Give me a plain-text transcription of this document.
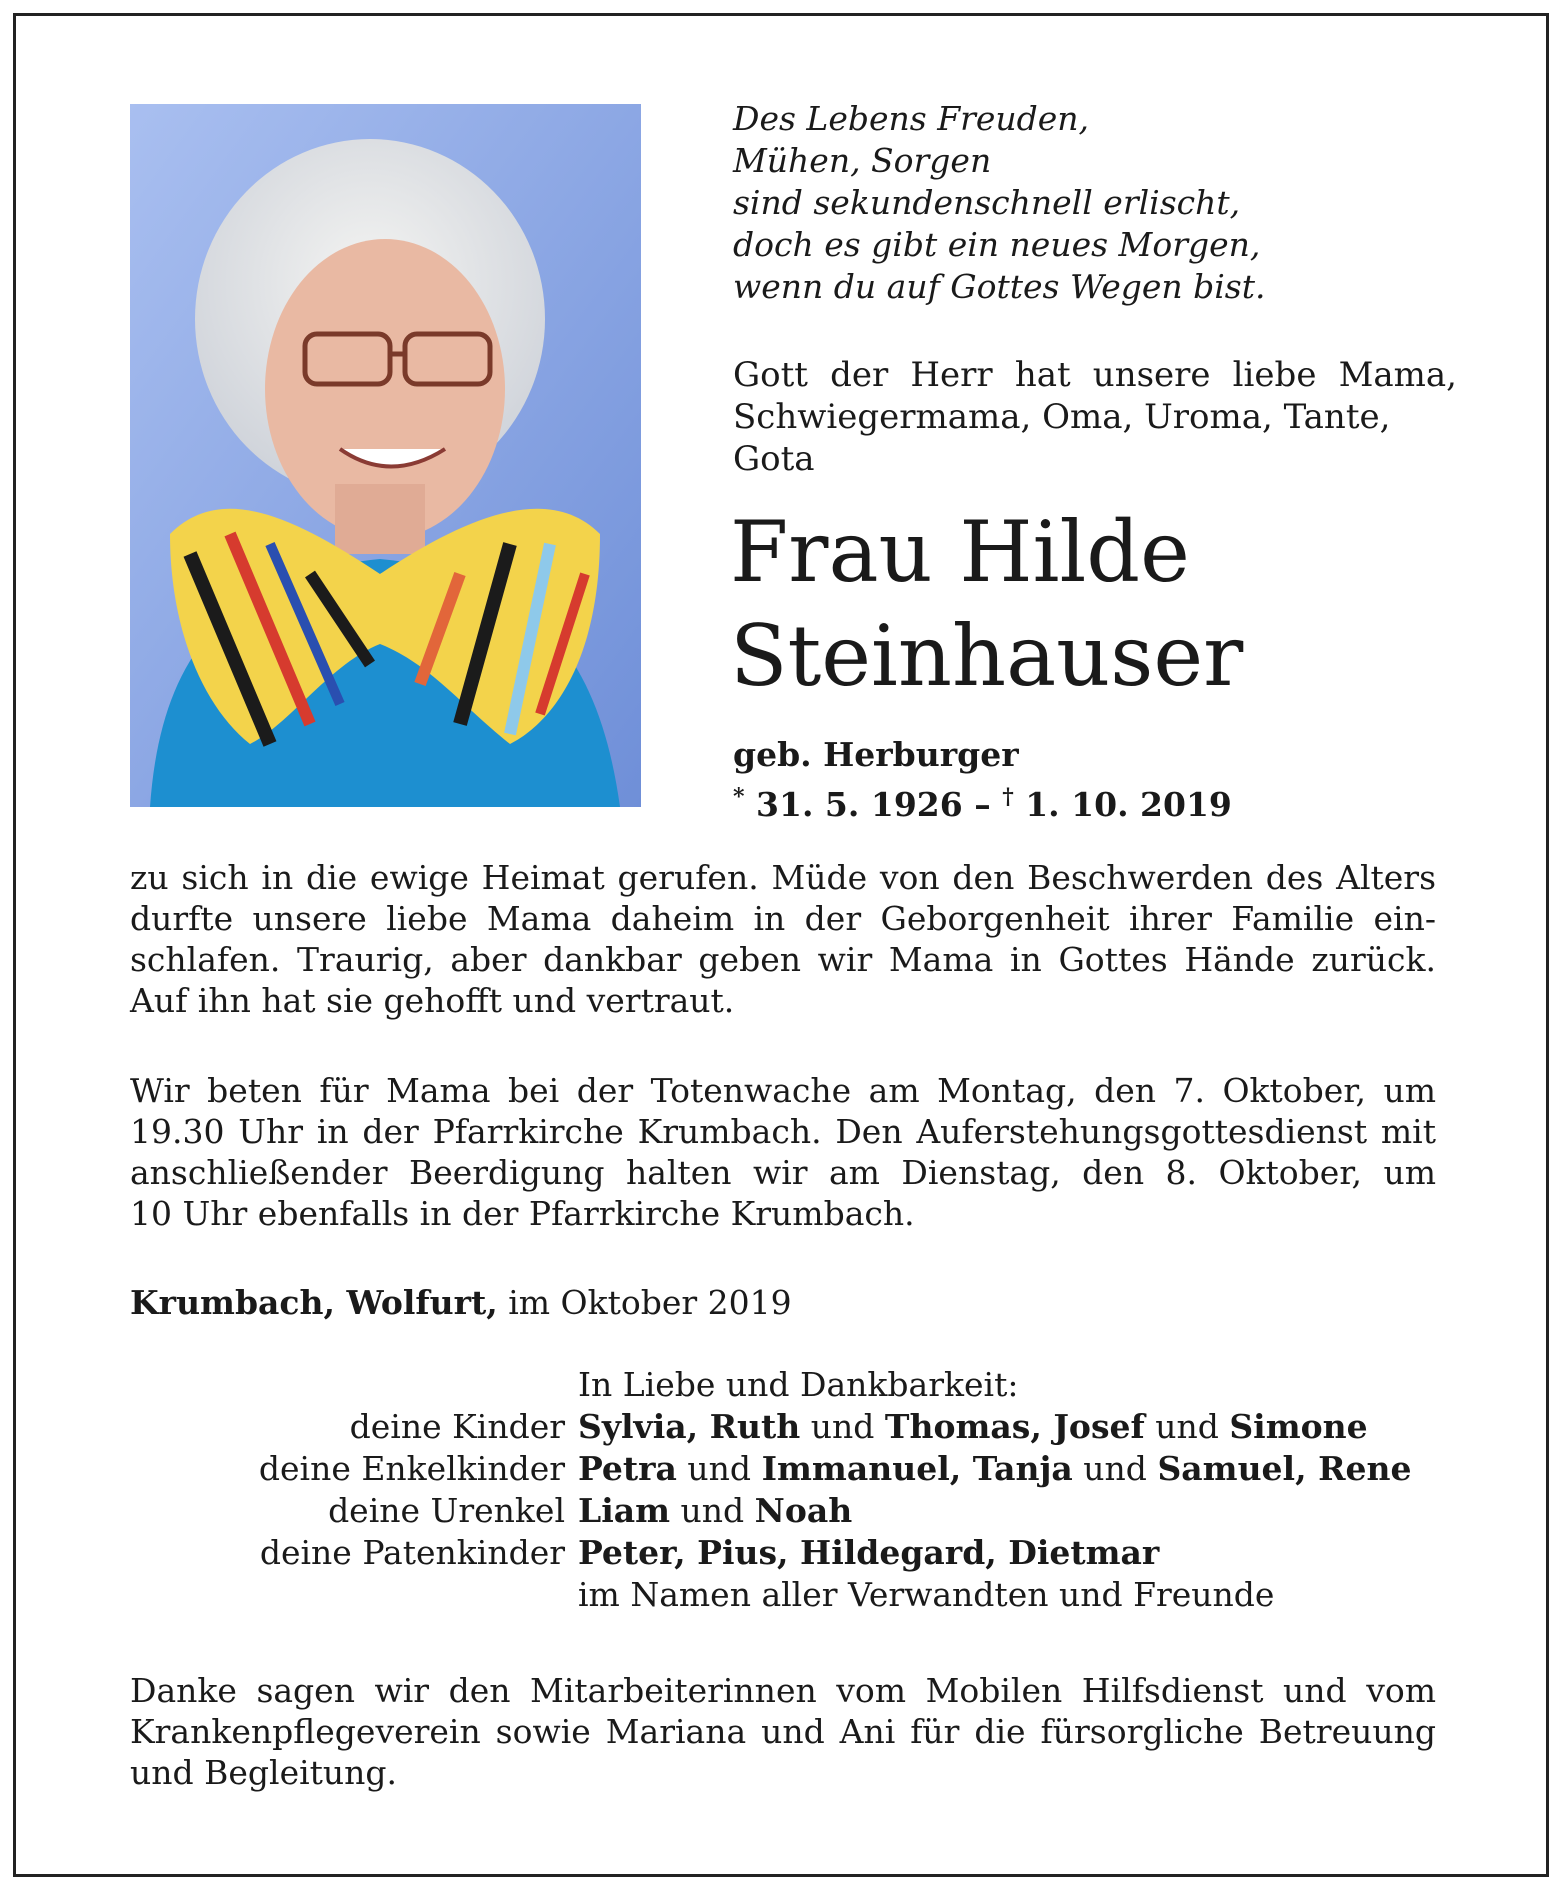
Des Lebens Freuden,
Mühen, Sorgen
sind sekundenschnell erlischt,
doch es gibt ein neues Morgen,
wenn du auf Gottes Wegen bist.
Gott der Herr hat unsere liebe Mama,
Schwiegermama, Oma, Uroma, Tante, Gota
Frau Hilde
Steinhauser
geb. Herburger
* 31. 5. 1926 – † 1. 10. 2019
zu sich in die ewige Heimat gerufen. Müde von den Beschwerden des Alters
durfte unsere liebe Mama daheim in der Geborgenheit ihrer Familie ein-
schlafen. Traurig, aber dankbar geben wir Mama in Gottes Hände zurück.
Auf ihn hat sie gehofft und vertraut.
Wir beten für Mama bei der Totenwache am Montag, den 7. Oktober, um
19.30 Uhr in der Pfarrkirche Krumbach. Den Auferstehungsgottesdienst mit
anschließender Beerdigung halten wir am Dienstag, den 8. Oktober, um
10 Uhr ebenfalls in der Pfarrkirche Krumbach.
Krumbach, Wolfurt, im Oktober 2019
In Liebe und Dankbarkeit:
deine Kinder Sylvia, Ruth und Thomas, Josef und Simone
deine Enkelkinder Petra und Immanuel, Tanja und Samuel, Rene
deine Urenkel Liam und Noah
deine Patenkinder Peter, Pius, Hildegard, Dietmar
im Namen aller Verwandten und Freunde
Danke sagen wir den Mitarbeiterinnen vom Mobilen Hilfsdienst und vom
Krankenpflegeverein sowie Mariana und Ani für die fürsorgliche Betreuung
und Begleitung.
